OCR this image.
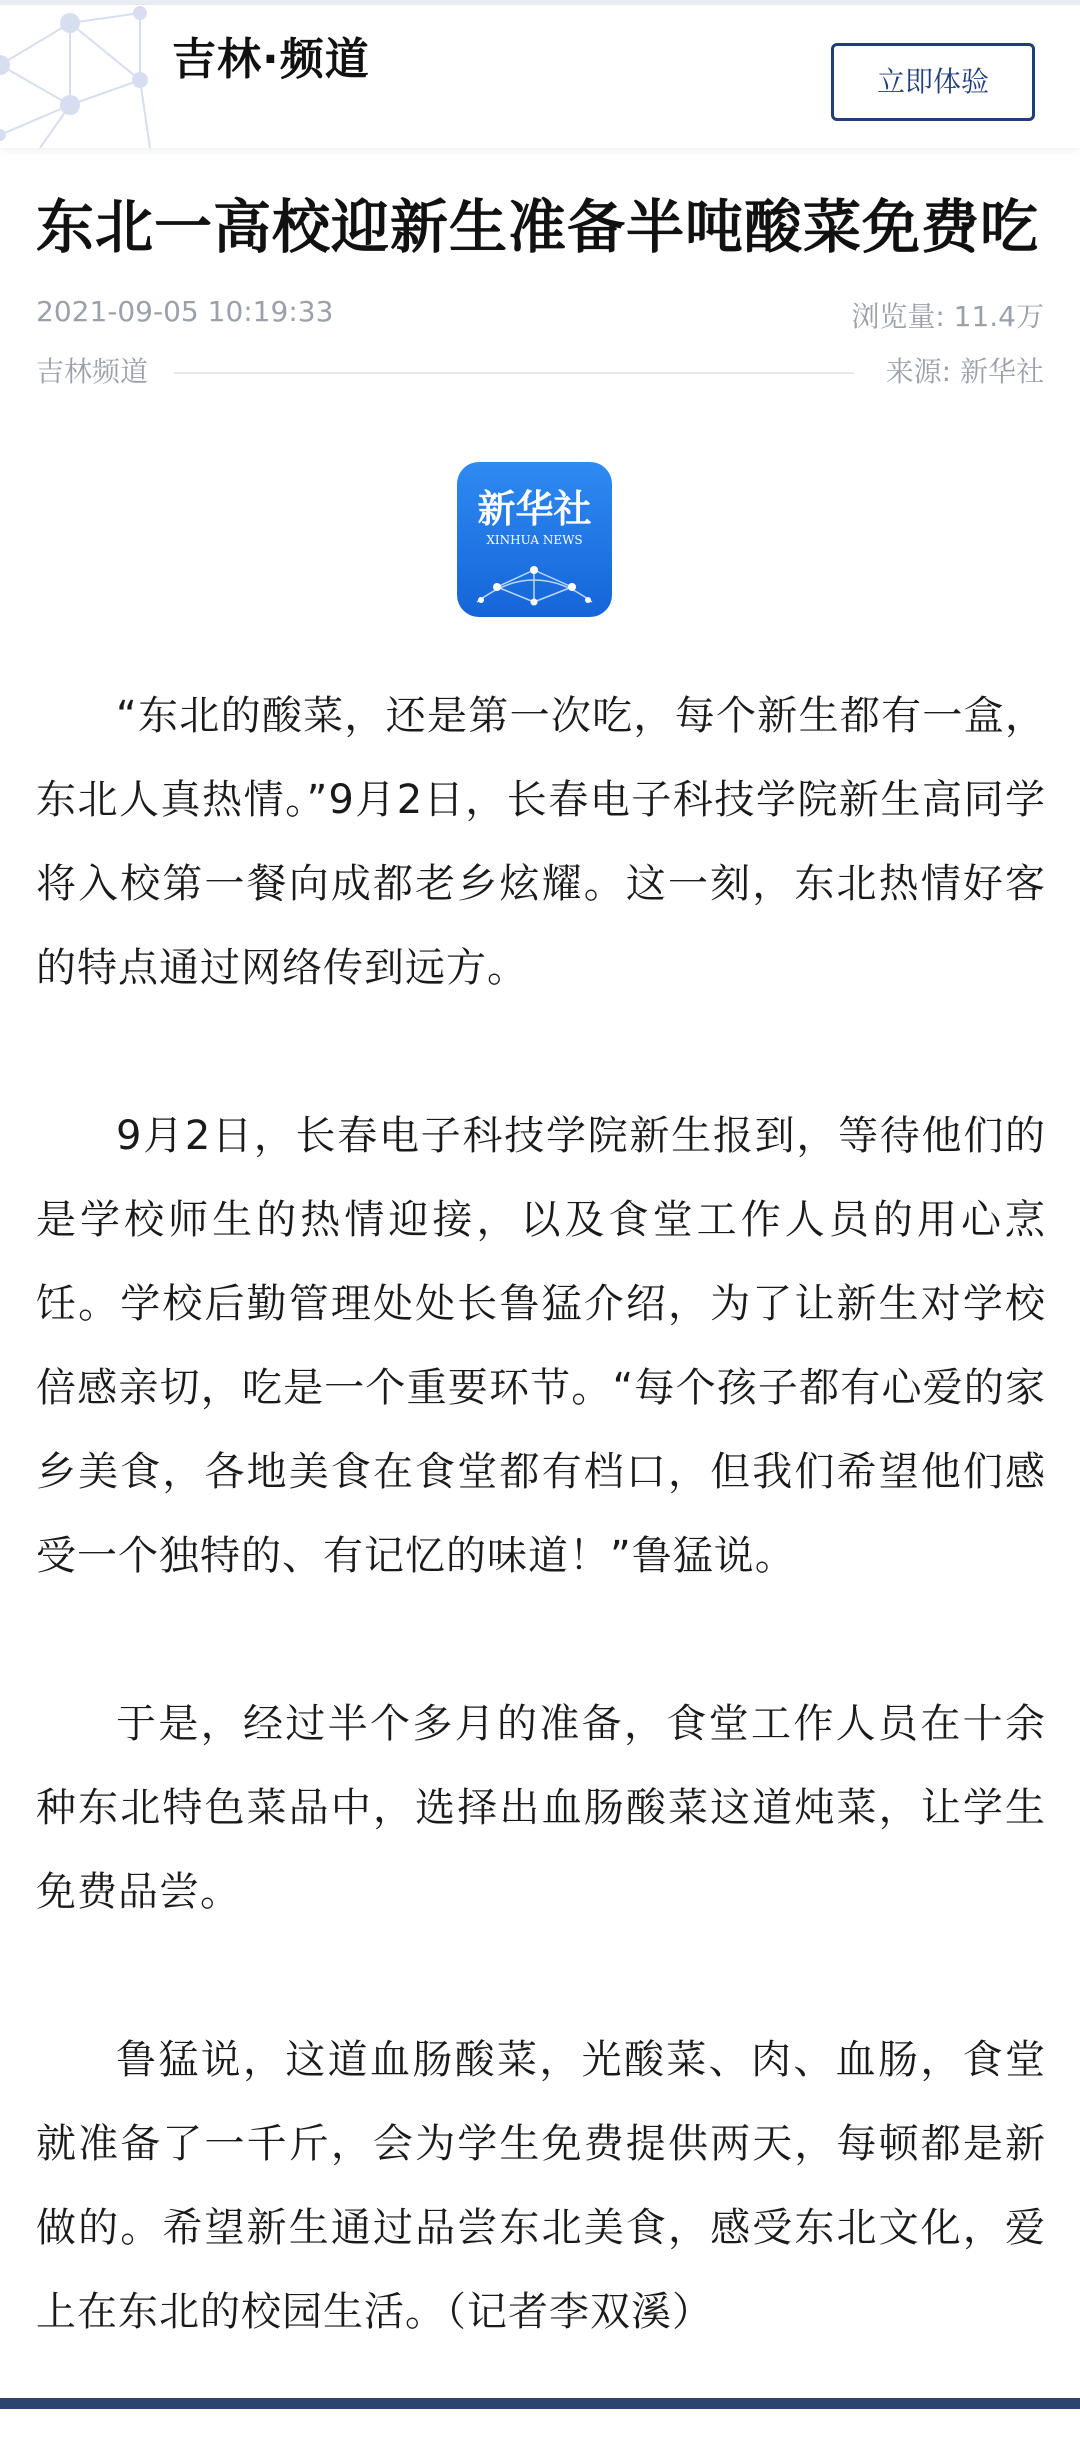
吉林·频道	立即体验
东北一高校迎新生准备半吨酸菜免费吃
2021-09-05 10:19:33	浏览量: 11.4万
吉林频道	来源: 新华社
新华社
XINHUA NEWS

“东北的酸菜，还是第一次吃，每个新生都有一盒，东北人真热情。”9月2日，长春电子科技学院新生高同学将入校第一餐向成都老乡炫耀。这一刻，东北热情好客的特点通过网络传到远方。

9月2日，长春电子科技学院新生报到，等待他们的是学校师生的热情迎接，以及食堂工作人员的用心烹饪。学校后勤管理处处长鲁猛介绍，为了让新生对学校倍感亲切，吃是一个重要环节。“每个孩子都有心爱的家乡美食，各地美食在食堂都有档口，但我们希望他们感受一个独特的、有记忆的味道！”鲁猛说。

于是，经过半个多月的准备，食堂工作人员在十余种东北特色菜品中，选择出血肠酸菜这道炖菜，让学生免费品尝。

鲁猛说，这道血肠酸菜，光酸菜、肉、血肠，食堂就准备了一千斤，会为学生免费提供两天，每顿都是新做的。希望新生通过品尝东北美食，感受东北文化，爱上在东北的校园生活。（记者李双溪）
